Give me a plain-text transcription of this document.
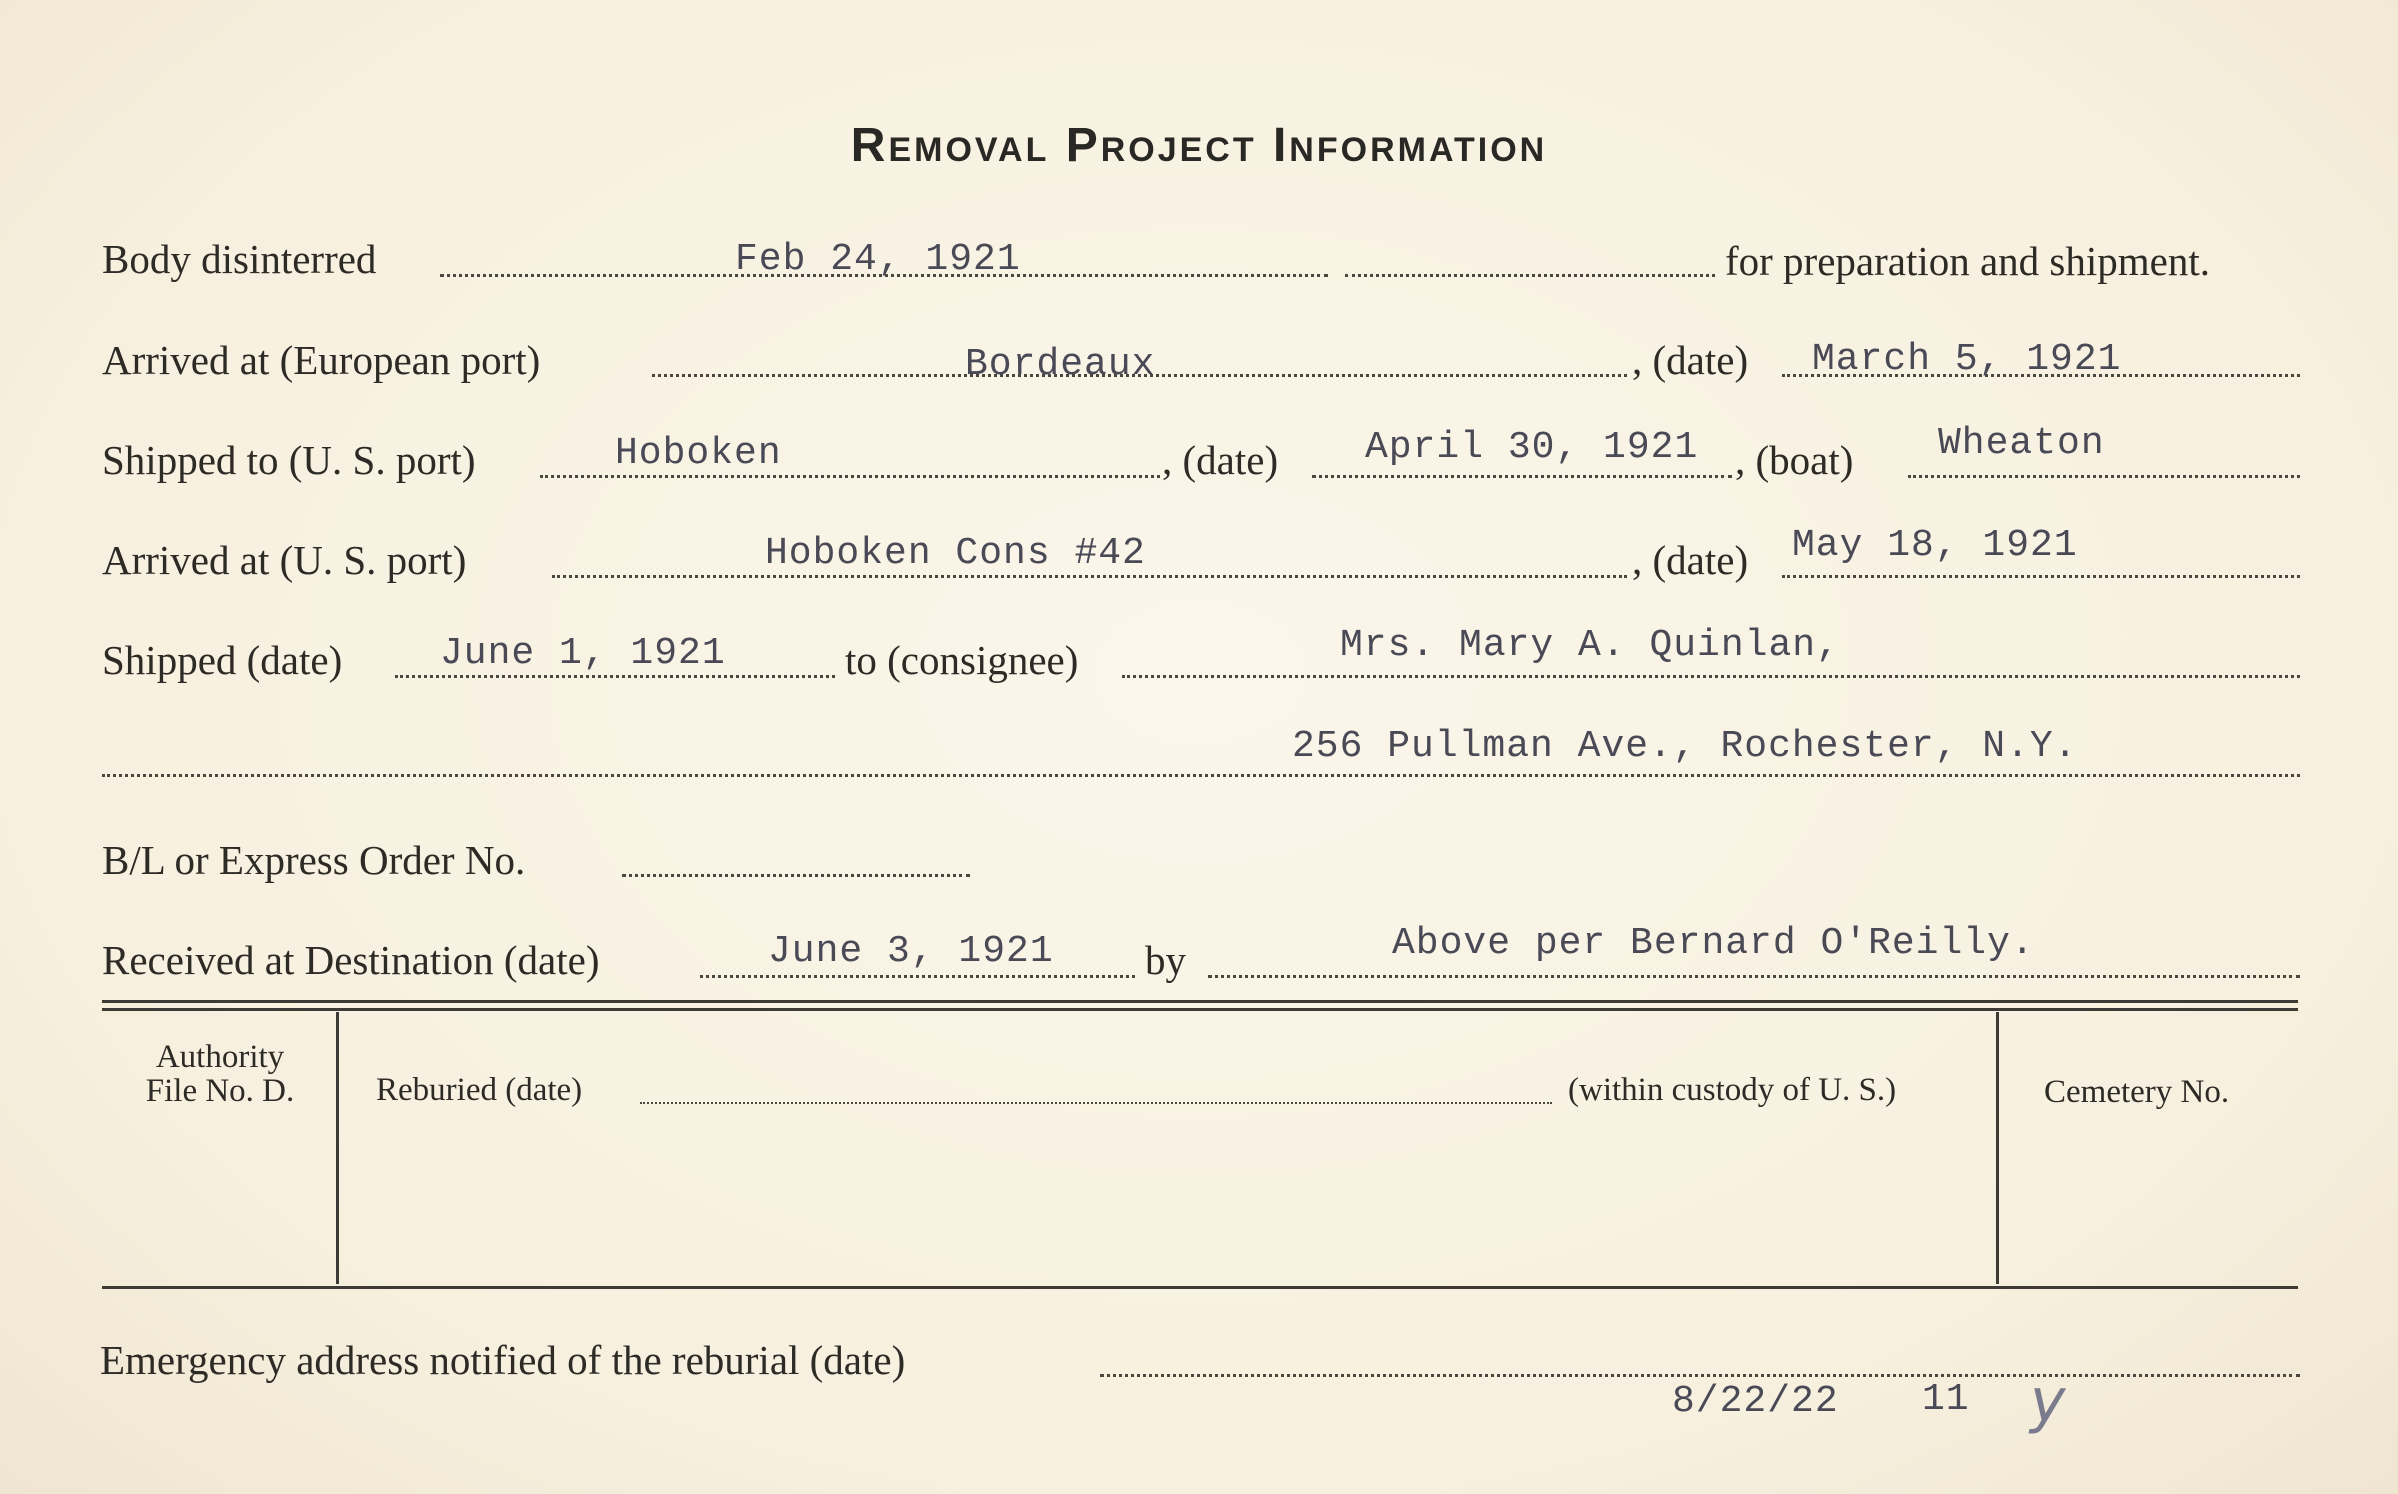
Removal Project Information
Body disinterred	Feb 24, 1921	for preparation and shipment.
Arrived at (European port)	Bordeaux	, (date) March 5, 1921
Shipped to (U. S. port)	Hoboken	, (date) April 30, 1921 , (boat) Wheaton
Arrived at (U. S. port)	Hoboken Cons #42	, (date) May 18, 1921
Shipped (date)	June 1, 1921	to (consignee)	Mrs. Mary A. Quinlan,
256 Pullman Ave., Rochester, N.Y.
B/L or Express Order No.
Received at Destination (date)	June 3, 1921 by	Above per Bernard O'Reilly.
Authority
File No. D.	Reburied (date)	(within custody of U. S.)	Cemetery No.
Emergency address notified of the reburial (date)
8/22/22 11 y
